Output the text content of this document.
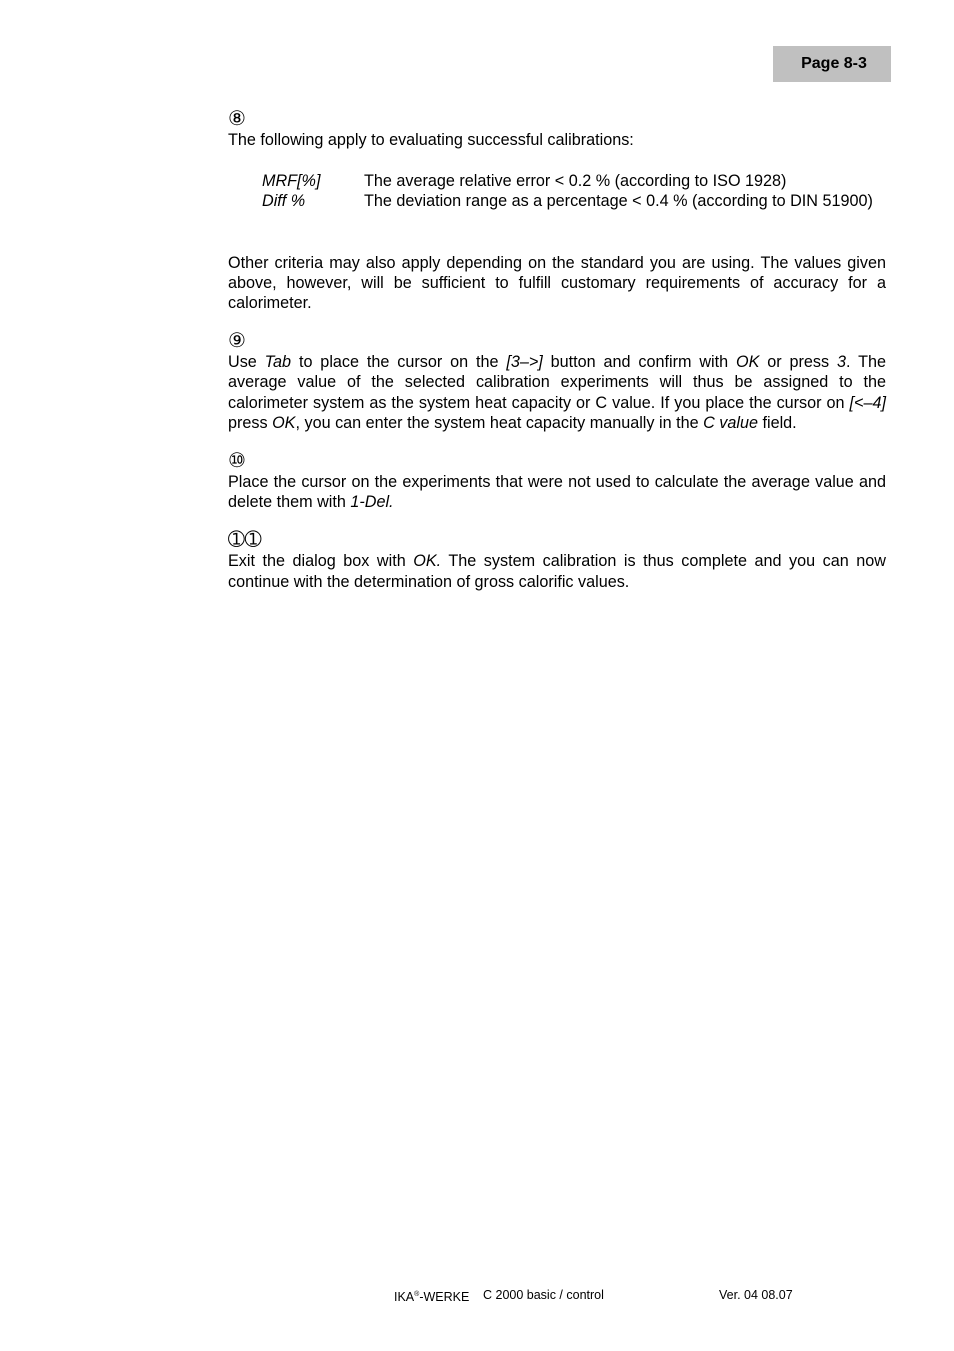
Page 8-3
⑧

The following apply to evaluating successful calibrations:

MRF[%]	The average relative error < 0.2 % (according to ISO 1928)
Diff %	The deviation range as a percentage < 0.4 % (according to DIN 51900)

Other criteria may also apply depending on the standard you are using. The values given above, however, will be sufficient to fulfill customary requirements of accuracy for a calorimeter.

⑨

Use Tab to place the cursor on the [3–>] button and confirm with OK or press 3. The average value of the selected calibration experiments will thus be assigned to the calorimeter system as the system heat capacity or C value. If you place the cursor on [<–4] press OK, you can enter the system heat capacity manually in the C value field.

⑩

Place the cursor on the experiments that were not used to calculate the average value and delete them with 1-Del.

➀➀

Exit the dialog box with OK. The system calibration is thus complete and you can now continue with the determination of gross calorific values.

IKA®-WERKE C 2000 basic / control	Ver. 04 08.07
